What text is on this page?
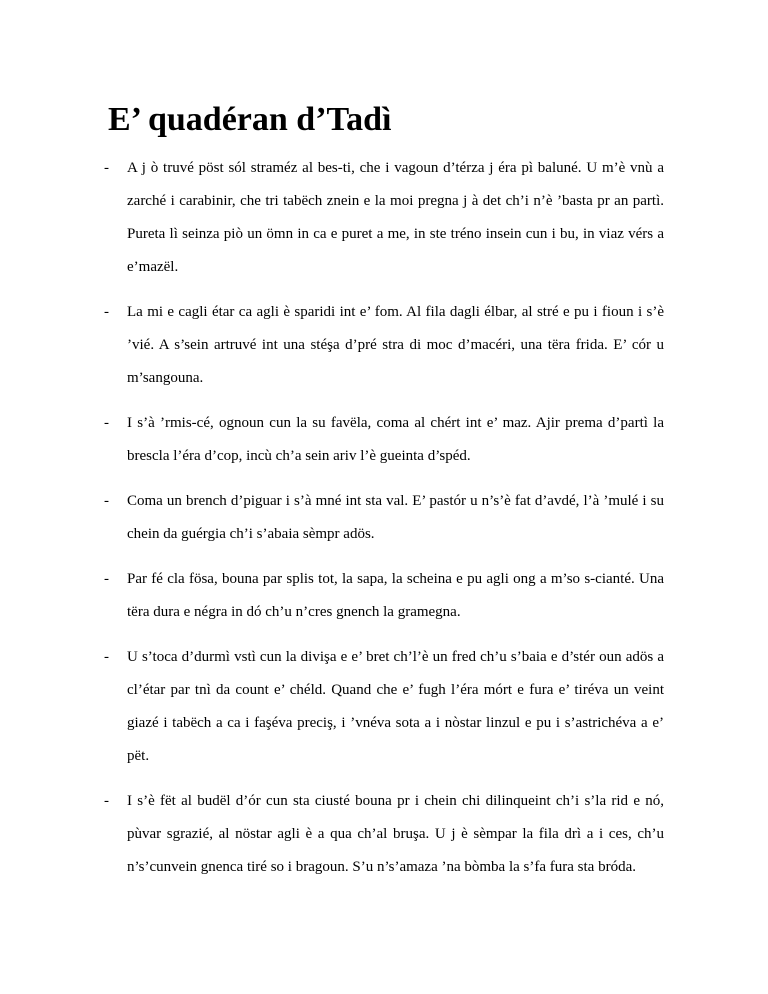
E’ quadéran d’Tadì
- A j ò truvé pöst sól straméz al bes-ti, che i vagoun d’térza j éra pì baluné. U m’è vnù a zarché i carabinir, che tri tabëch znein e la moi pregna j à det ch’i n’è ’basta pr an partì. Pureta lì seinza piò un ömn in ca e puret a me, in ste tréno insein cun i bu, in viaz vérs a e’mazël.
- La mi e cagli étar ca agli è sparidi int e’ fom. Al fila dagli élbar, al stré e pu i fioun i s’è ’vié. A s’sein artruvé int una stéşa d’pré stra di moc d’macéri, una tëra frida. E’ cór u m’sangouna.
- I s’à ’rmis-cé, ognoun cun la su favëla, coma al chért int e’ maz. Ajir prema d’partì la brescla l’éra d’cop, incù ch’a sein ariv l’è gueinta d’spéd.
- Coma un brench d’piguar i s’à mné int sta val. E’ pastór u n’s’è fat d’avdé, l’à ’mulé i su chein da guérgia ch’i s’abaia sèmpr adös.
- Par fé cla fösa, bouna par splis tot, la sapa, la scheina e pu agli ong a m’so s-cianté. Una tëra dura e négra in dó ch’u n’cres gnench la gramegna.
- U s’toca d’durmì vstì cun la divişa e e’ bret ch’l’è un fred ch’u s’baia e d’stér oun adös a cl’étar par tnì da count e’ chéld. Quand che e’ fugh l’éra mórt e fura e’ tiréva un veint giazé i tabëch a ca i faşéva preciş, i ’vnéva sota a i nòstar linzul e pu i s’astrichéva a e’ pët.
- I s’è fët al budël d’ór cun sta ciusté bouna pr i chein chi dilinqueint ch’i s’la rid e nó, pùvar sgrazié, al nöstar agli è a qua ch’al bruşa. U j è sèmpar la fila drì a i ces, ch’u n’s’cunvein gnenca tiré so i bragoun. S’u n’s’amaza ’na bòmba la s’fa fura sta bróda.
